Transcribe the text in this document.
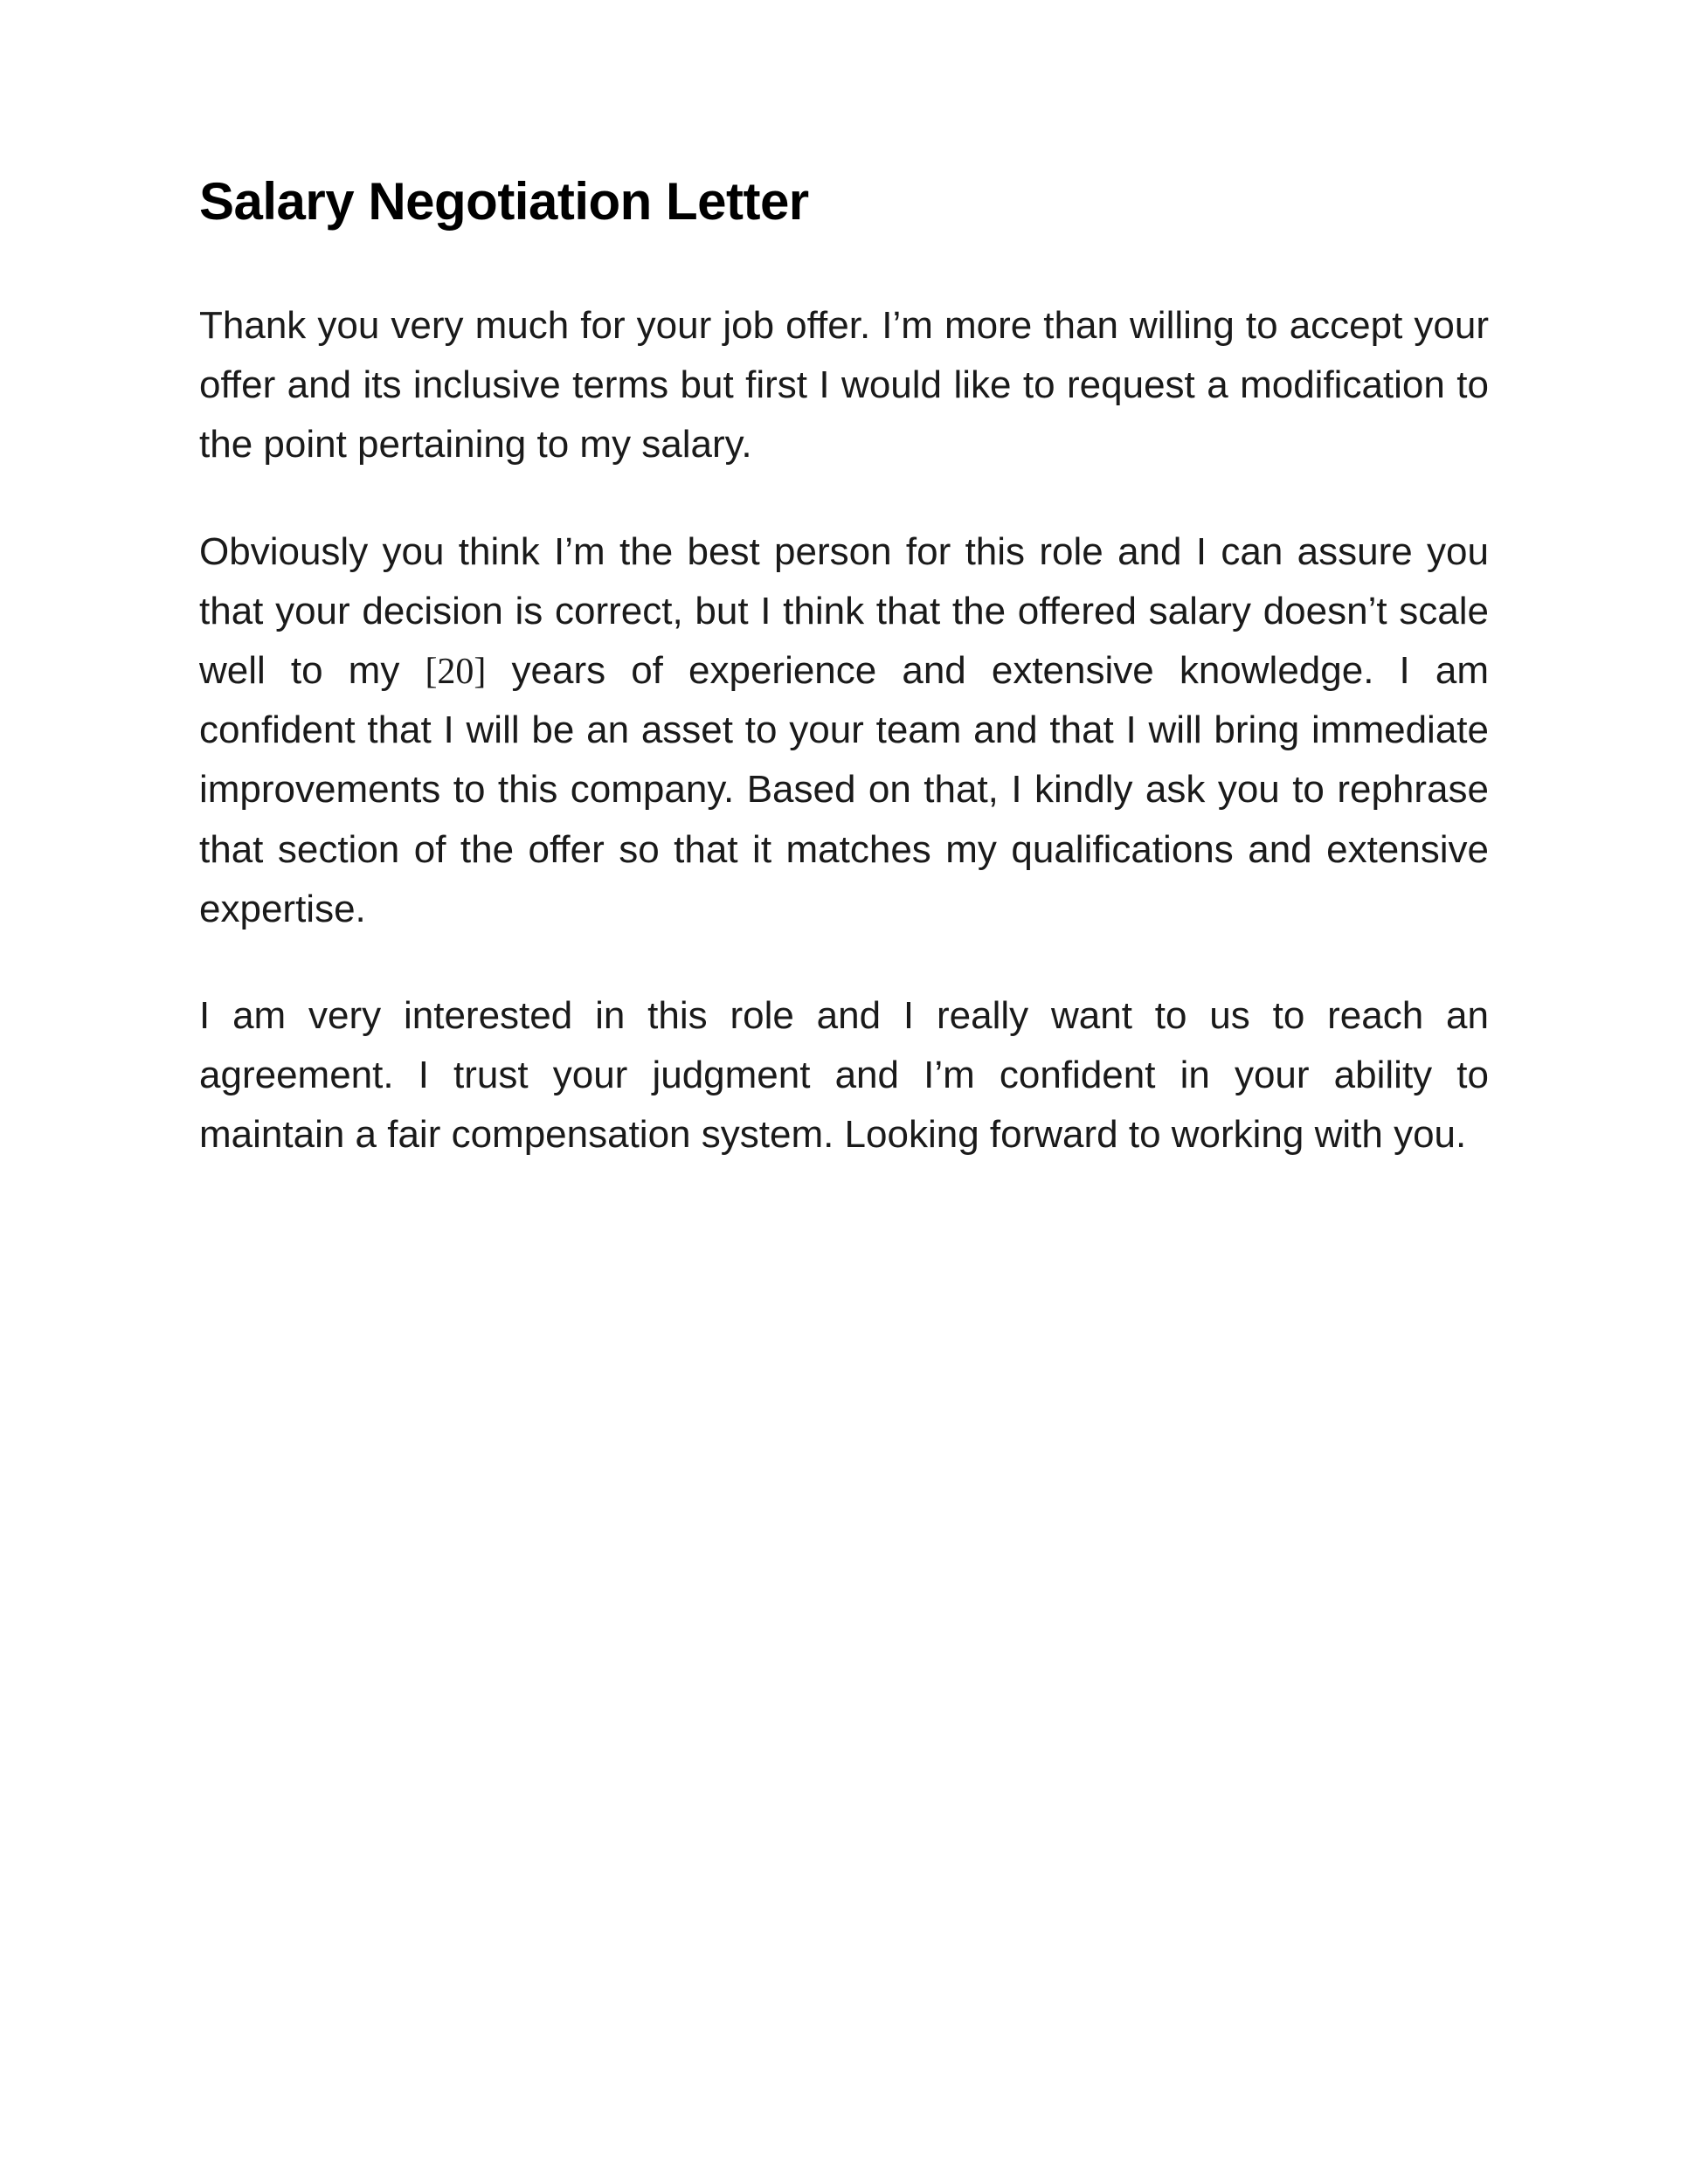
Salary Negotiation Letter

Thank you very much for your job offer. I’m more than willing to accept your offer and its inclusive terms but first I would like to request a modification to the point pertaining to my salary.

Obviously you think I’m the best person for this role and I can assure you that your decision is correct, but I think that the offered salary doesn’t scale well to my [20] years of experience and extensive knowledge. I am confident that I will be an asset to your team and that I will bring immediate improvements to this company. Based on that, I kindly ask you to rephrase that section of the offer so that it matches my qualifications and extensive expertise.

I am very interested in this role and I really want to us to reach an agreement. I trust your judgment and I’m confident in your ability to maintain a fair compensation system. Looking forward to working with you.
